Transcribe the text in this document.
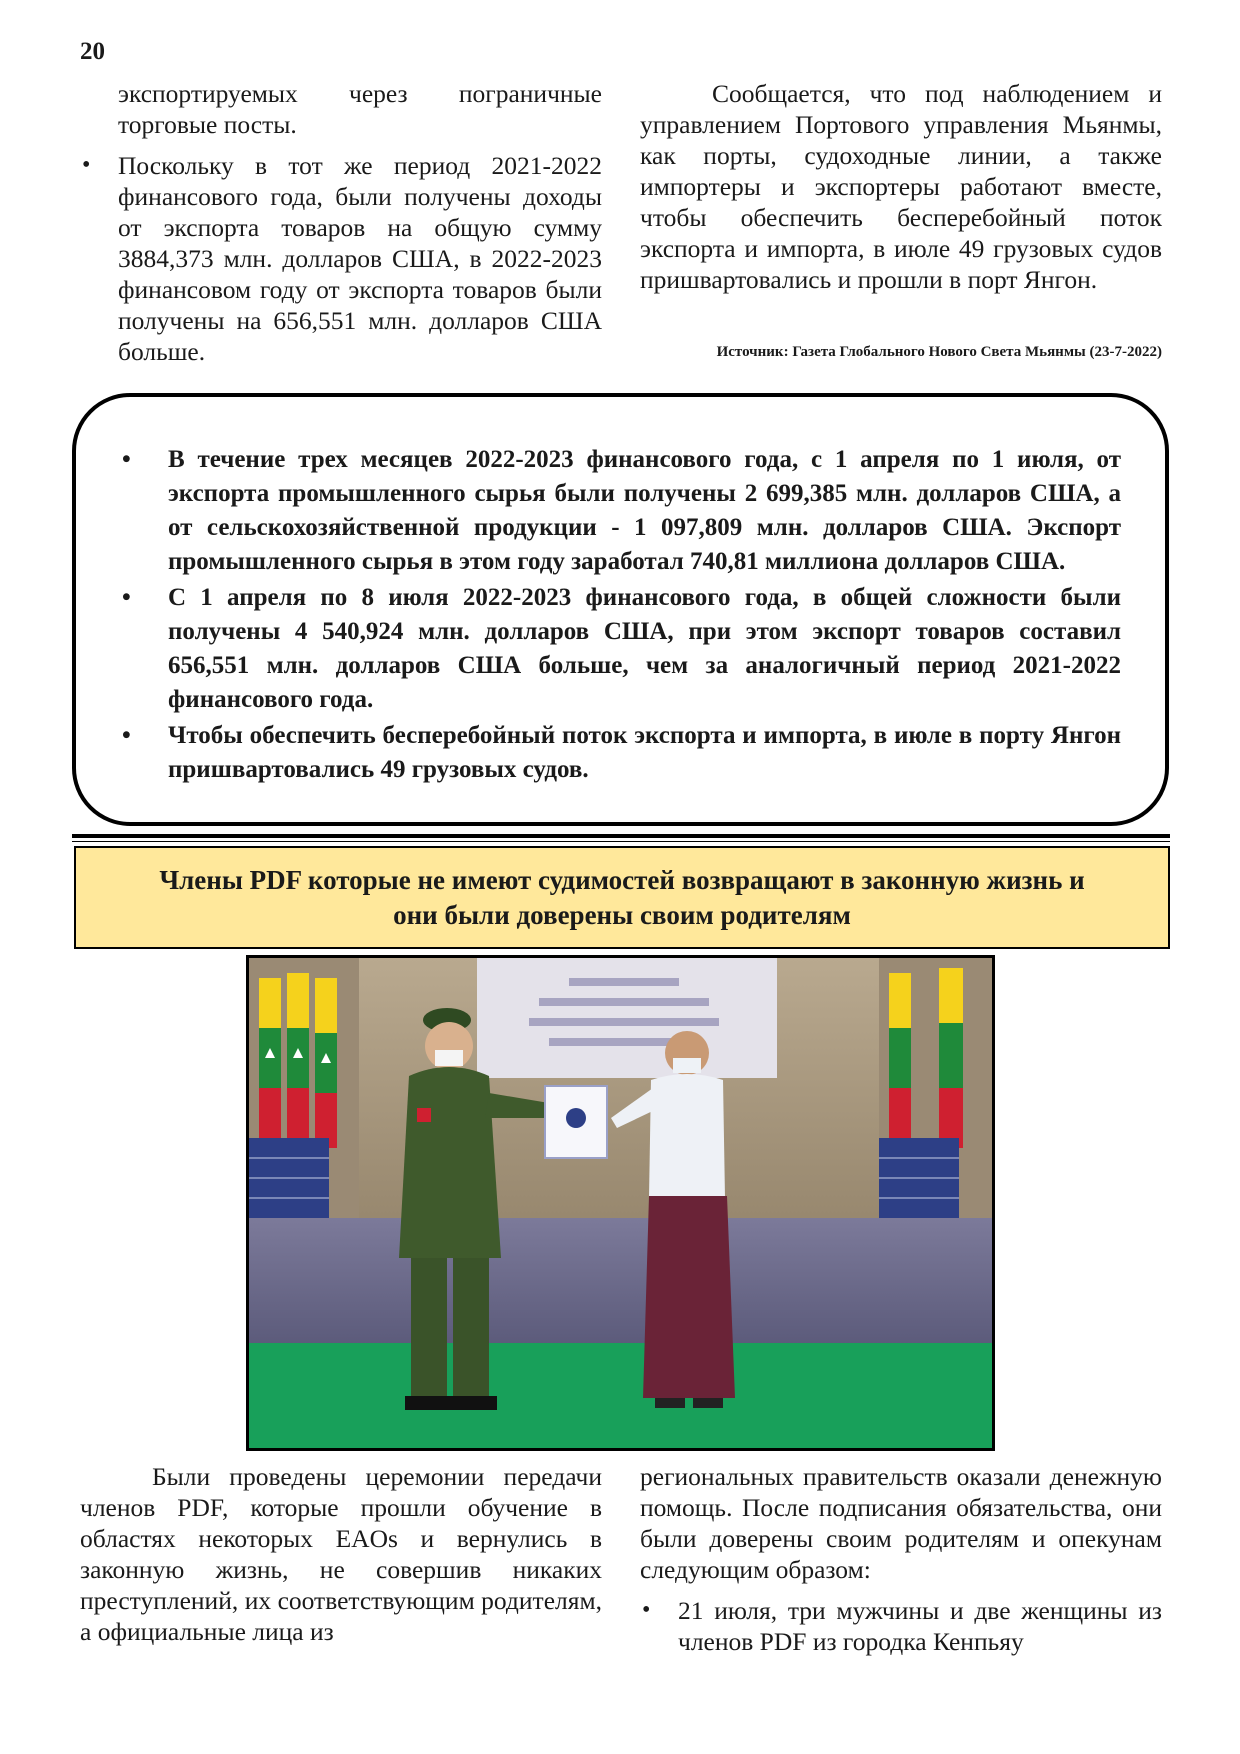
20
экспортируемых через пограничные
торговые посты.
• Поскольку в тот же период 2021-2022 финансового года, были получены доходы от экспорта товаров на общую сумму 3884,373 млн. долларов США, в 2022-2023 финансовом году от экспорта товаров были получены на 656,551 млн. долларов США больше.

Сообщается, что под наблюдением и управлением Портового управления Мьянмы, как порты, судоходные линии, а также импортеры и экспортеры работают вместе, чтобы обеспечить бесперебойный поток экспорта и импорта, в июле 49 грузовых судов пришвартовались и прошли в порт Янгон.

Источник: Газета Глобального Нового Света Мьянмы (23-7-2022)
• В течение трех месяцев 2022-2023 финансового года, с 1 апреля по 1 июля, от экспорта промышленного сырья были получены 2 699,385 млн. долларов США, а от сельскохозяйственной продукции - 1 097,809 млн. долларов США. Экспорт промышленного сырья в этом году заработал 740,81 миллиона долларов США.
• С 1 апреля по 8 июля 2022-2023 финансового года, в общей сложности были получены 4 540,924 млн. долларов США, при этом экспорт товаров составил 656,551 млн. долларов США больше, чем за аналогичный период 2021-2022 финансового года.
• Чтобы обеспечить бесперебойный поток экспорта и импорта, в июле в порту Янгон пришвартовались 49 грузовых судов.
Члены PDF которые не имеют судимостей возвращают в законную жизнь и
они были доверены своим родителям

Были проведены церемонии передачи членов PDF, которые прошли обучение в областях некоторых EAOs и вернулись в законную жизнь, не совершив никаких преступлений, их соответствующим родителям, а официальные лица из

региональных правительств оказали денежную помощь. После подписания обязательства, они были доверены своим родителям и опекунам следующим образом:

• 21 июля, три мужчины и две женщины из членов PDF из городка Кенпьяу
